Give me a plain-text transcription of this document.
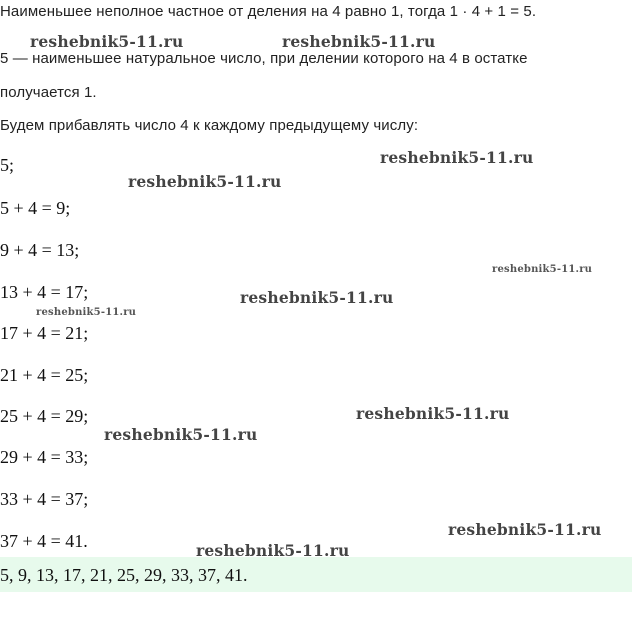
Наименьшее неполное частное от деления на 4 равно 1, тогда 1 · 4 + 1 = 5.
5 — наименьшее натуральное число, при делении которого на 4 в остатке
получается 1.
Будем прибавлять число 4 к каждому предыдущему числу:
5;
5 + 4 = 9;
9 + 4 = 13;
13 + 4 = 17;
17 + 4 = 21;
21 + 4 = 25;
25 + 4 = 29;
29 + 4 = 33;
33 + 4 = 37;
37 + 4 = 41.
5, 9, 13, 17, 21, 25, 29, 33, 37, 41.
reshebnik5-11.ru	reshebnik5-11.ru
reshebnik5-11.ru
reshebnik5-11.ru
reshebnik5-11.ru
reshebnik5-11.ru
reshebnik5-11.ru
reshebnik5-11.ru
reshebnik5-11.ru
reshebnik5-11.ru
reshebnik5-11.ru
